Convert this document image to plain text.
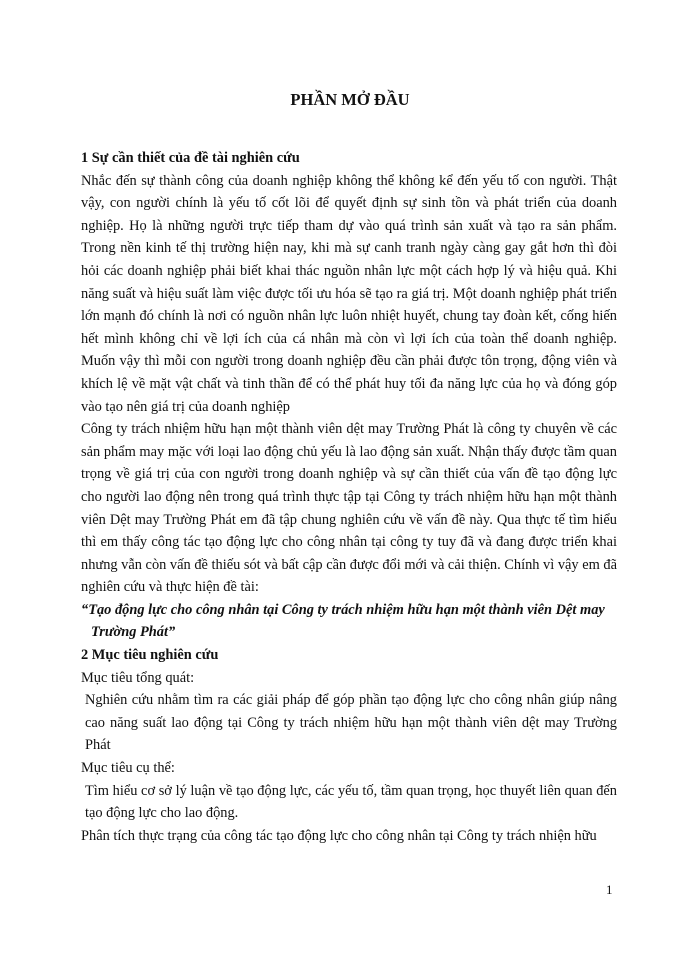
PHẦN MỞ ĐẦU

1 Sự cần thiết của đề tài nghiên cứu

Nhắc đến sự thành công của doanh nghiệp không thể không kể đến yếu tố con người. Thật vậy, con người chính là yếu tố cốt lõi để quyết định sự sinh tồn và phát triển của doanh nghiệp. Họ là những người trực tiếp tham dự vào quá trình sản xuất và tạo ra sản phẩm. Trong nền kinh tế thị trường hiện nay, khi mà sự canh tranh ngày càng gay gắt hơn thì đòi hỏi các doanh nghiệp phải biết khai thác nguồn nhân lực một cách hợp lý và hiệu quả. Khi năng suất và hiệu suất làm việc được tối ưu hóa sẽ tạo ra giá trị. Một doanh nghiệp phát triển lớn mạnh đó chính là nơi có nguồn nhân lực luôn nhiệt huyết, chung tay đoàn kết, cống hiến hết mình không chỉ về lợi ích của cá nhân mà còn vì lợi ích của toàn thể doanh nghiệp. Muốn vậy thì mỗi con người trong doanh nghiệp đều cần phải được tôn trọng, động viên và khích lệ về mặt vật chất và tinh thần để có thể phát huy tối đa năng lực của họ và đóng góp vào tạo nên giá trị của doanh nghiệp

Công ty trách nhiệm hữu hạn một thành viên dệt may Trường Phát là công ty chuyên về các sản phẩm may mặc với loại lao động chủ yếu là lao động sản xuất. Nhận thấy được tầm quan trọng về giá trị của con người trong doanh nghiệp và sự cần thiết của vấn đề tạo động lực cho người lao động nên trong quá trình thực tập tại Công ty trách nhiệm hữu hạn một thành viên Dệt may Trường Phát em đã tập chung nghiên cứu về vấn đề này. Qua thực tế tìm hiểu thì em thấy công tác tạo động lực cho công nhân tại công ty tuy đã và đang được triển khai nhưng vẫn còn vấn đề thiếu sót và bất cập cần được đổi mới và cải thiện. Chính vì vậy em đã nghiên cứu và thực hiện đề tài:

“Tạo động lực cho công nhân tại Công ty trách nhiệm hữu hạn một thành viên Dệt may Trường Phát”

2 Mục tiêu nghiên cứu

Mục tiêu tổng quát:

Nghiên cứu nhằm tìm ra các giải pháp để góp phần tạo động lực cho công nhân giúp nâng cao năng suất lao động tại Công ty trách nhiệm hữu hạn một thành viên dệt may Trường Phát

Mục tiêu cụ thể:

Tìm hiểu cơ sở lý luận về tạo động lực, các yếu tố, tầm quan trọng, học thuyết liên quan đến tạo động lực cho lao động.

Phân tích thực trạng của công tác tạo động lực cho công nhân tại Công ty trách nhiện hữu

1
